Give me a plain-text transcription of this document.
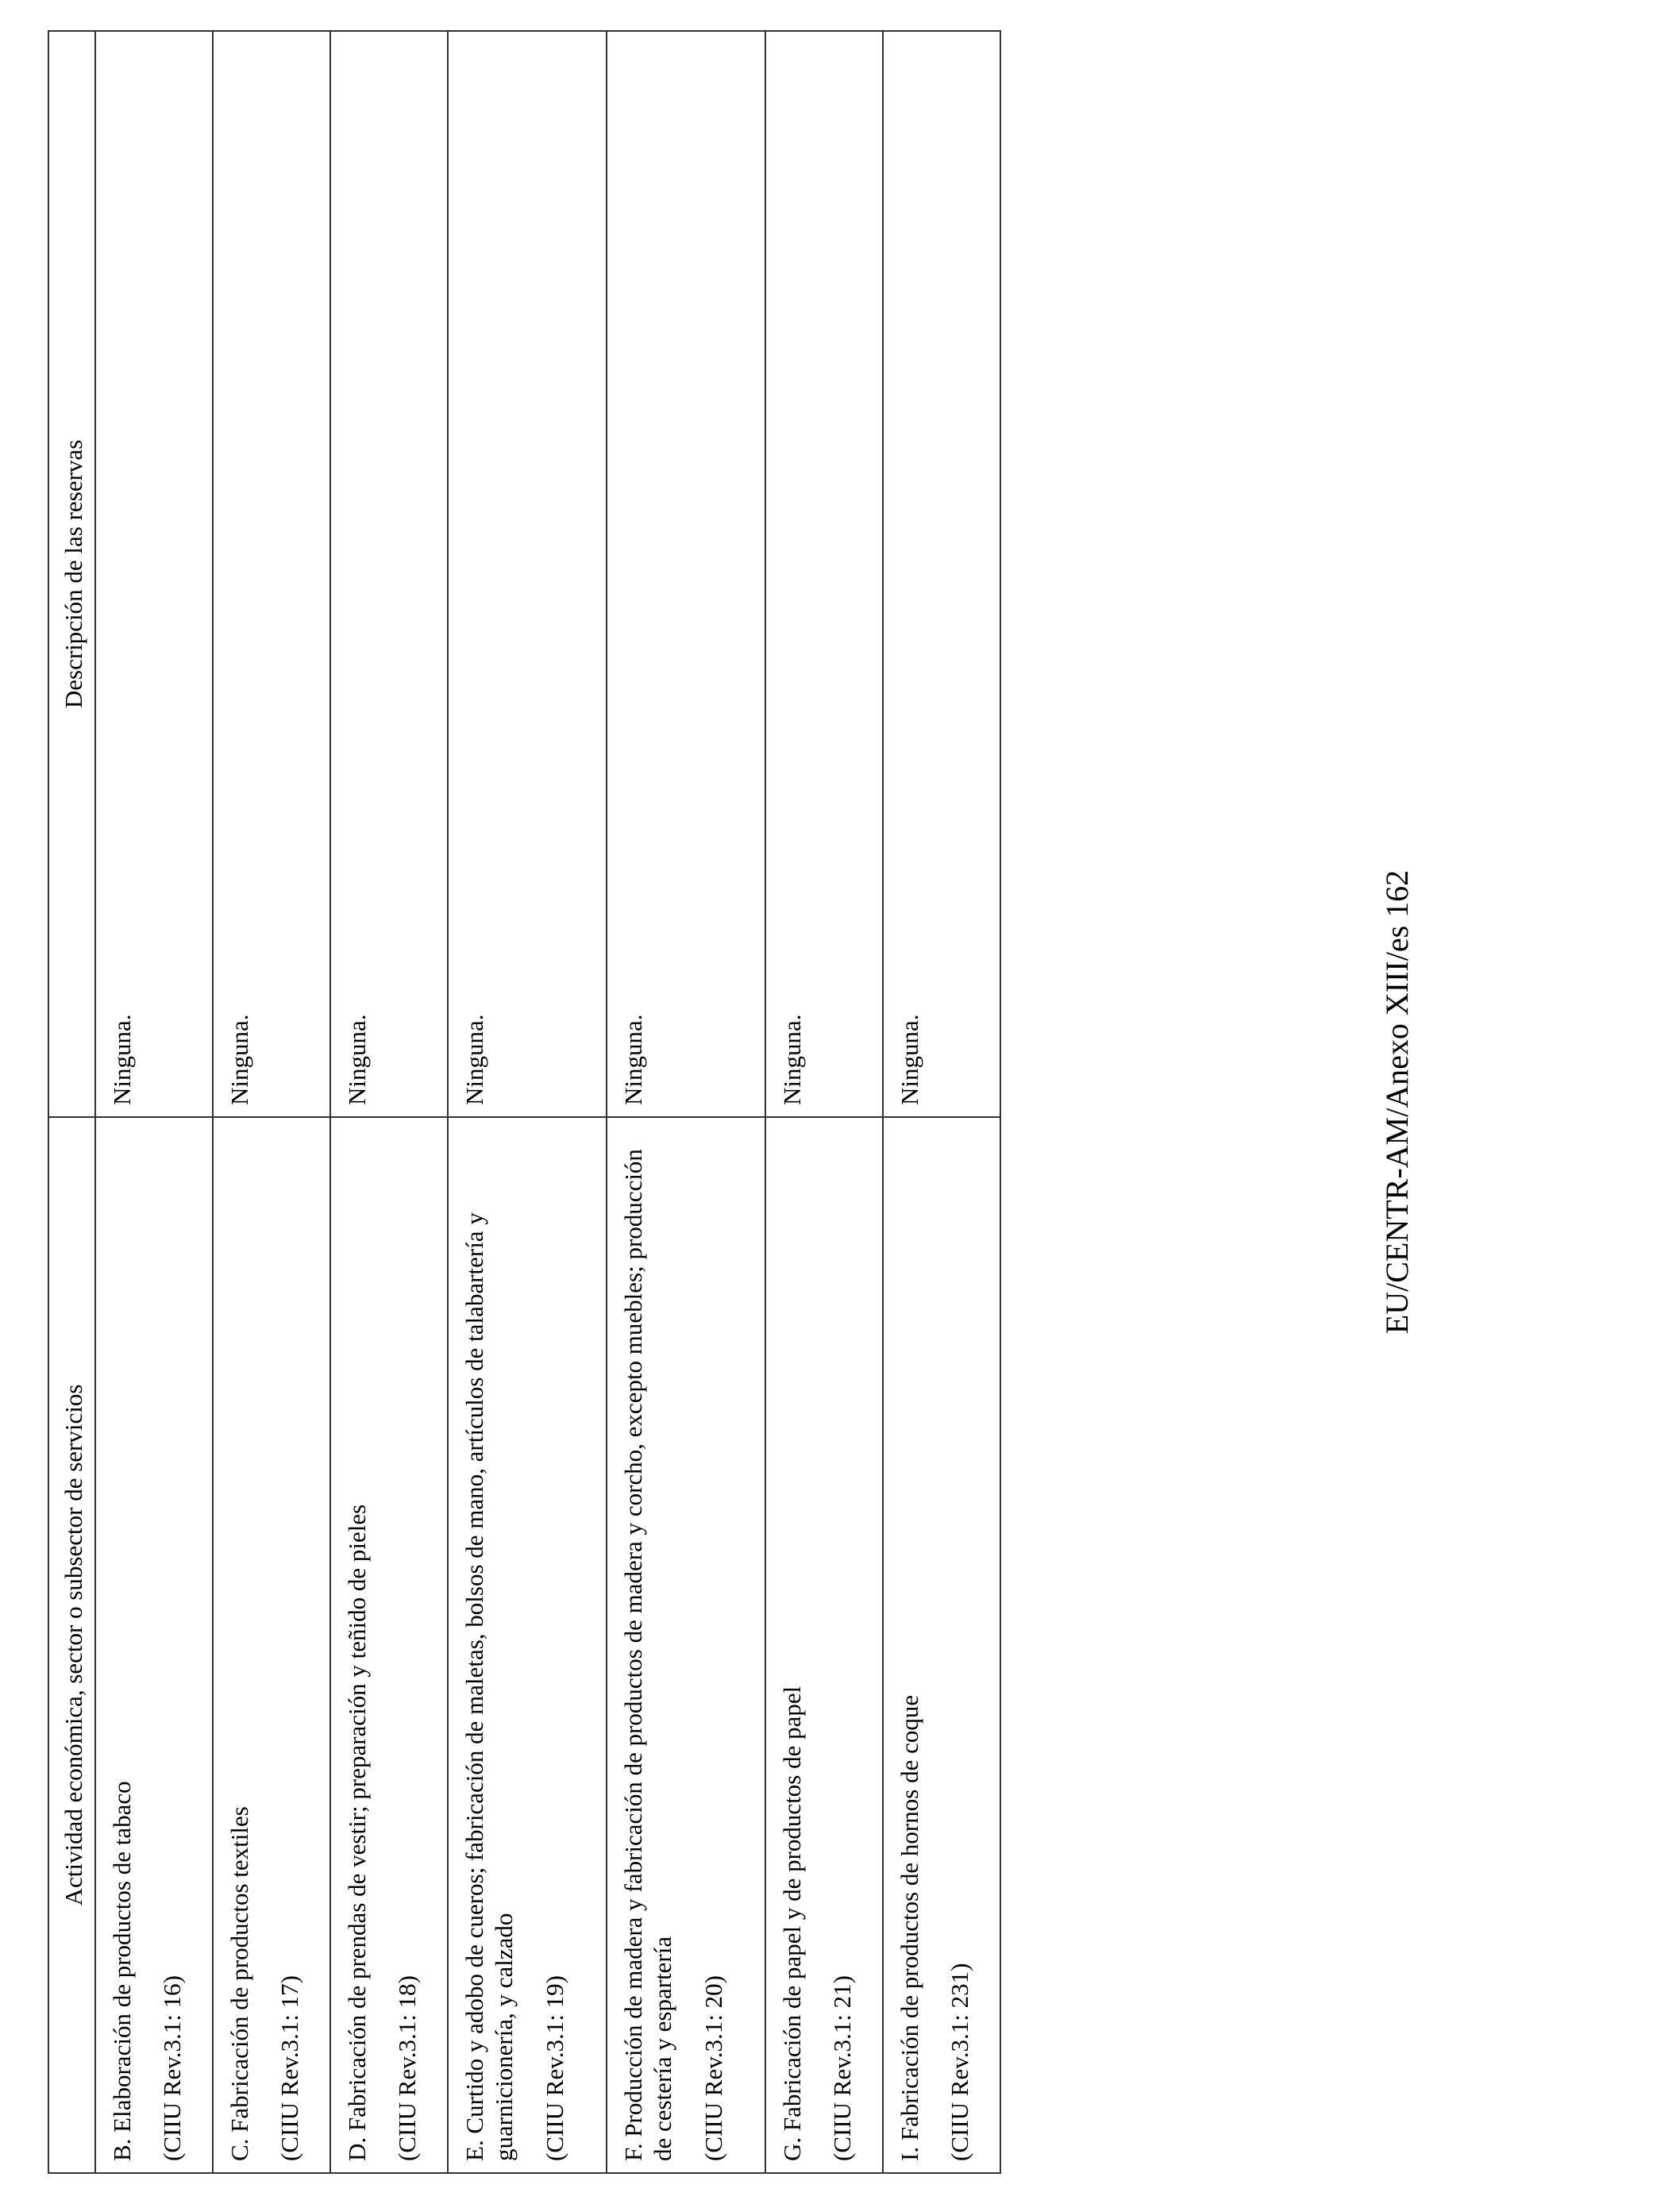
Actividad económica, sector o subsector de servicios	Descripción de las reservas

B. Elaboración de productos de tabaco (CIIU Rev.3.1: 16)	Ninguna.

C. Fabricación de productos textiles (CIIU Rev.3.1: 17)	Ninguna.

D. Fabricación de prendas de vestir; preparación y teñido de pieles (CIIU Rev.3.1: 18)	Ninguna.

E. Curtido y adobo de cueros; fabricación de maletas, bolsos de mano, artículos de talabartería y guarnicionería, y calzado (CIIU Rev.3.1: 19)	Ninguna.

F. Producción de madera y fabricación de productos de madera y corcho, excepto muebles; producción de cestería y espartería (CIIU Rev.3.1: 20)	Ninguna.

G. Fabricación de papel y de productos de papel (CIIU Rev.3.1: 21)	Ninguna.

I. Fabricación de productos de hornos de coque (CIIU Rev.3.1: 231)	Ninguna.	EU/CENTR-AM/Anexo XIII/es 162
